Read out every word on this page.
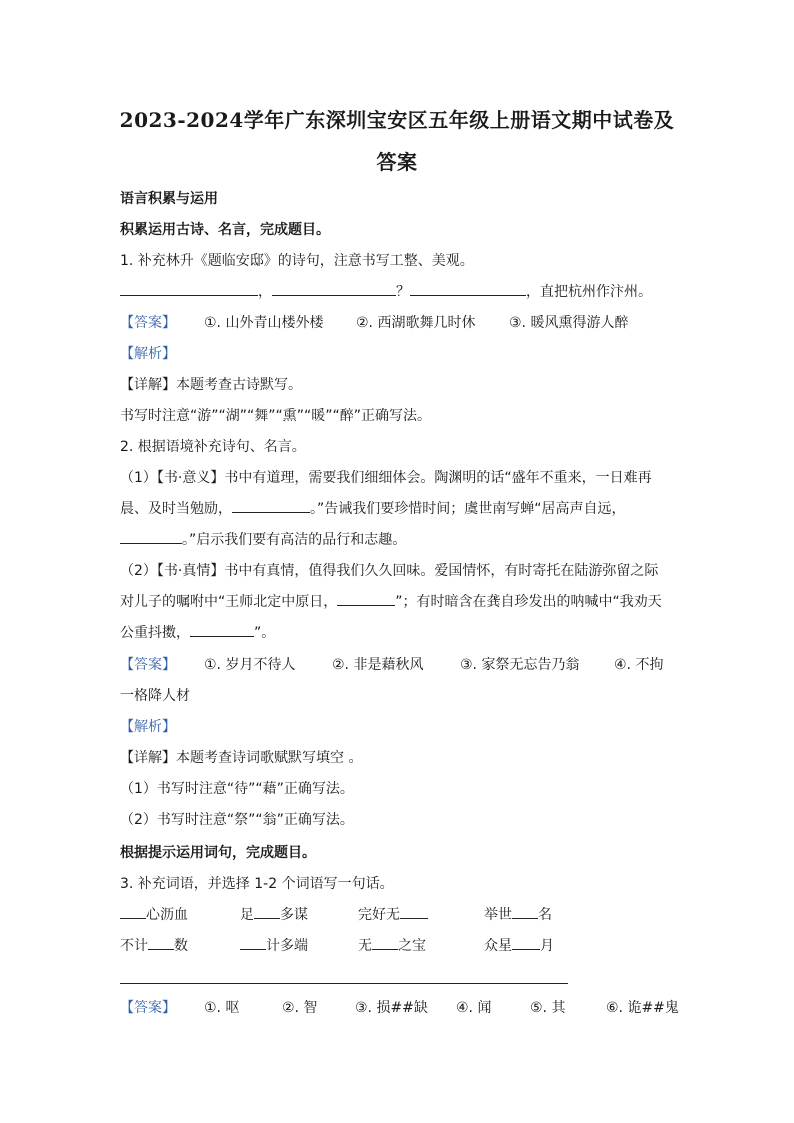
2023-2024学年广东深圳宝安区五年级上册语文期中试卷及
答案
语言积累与运用
积累运用古诗、名言，完成题目。
1. 补充林升《题临安邸》的诗句，注意书写工整、美观。
，	？	，直把杭州作汴州。
【答案】 ①. 山外青山楼外楼 ②. 西湖歌舞几时休 ③. 暖风熏得游人醉
【解析】
【详解】本题考查古诗默写。
书写时注意“游”“湖”“舞”“熏”“暖”“醉”正确写法。
2. 根据语境补充诗句、名言。
（1）【书·意义】书中有道理，需要我们细细体会。陶渊明的话“盛年不重来，一日难再
晨、及时当勉励，	。”告诫我们要珍惜时间；虞世南写蝉“居高声自远，
。”启示我们要有高洁的品行和志趣。
（2）【书·真情】书中有真情，值得我们久久回味。爱国情怀，有时寄托在陆游弥留之际
对儿子的嘱咐中“王师北定中原日，	”；有时暗含在龚自珍发出的呐喊中“我劝天
公重抖擞，	”。
【答案】 ①. 岁月不待人	②. 非是藉秋风	③. 家祭无忘告乃翁 ④. 不拘
一格降人材
【解析】
【详解】本题考查诗词歌赋默写填空 。
（1）书写时注意“待”“藉”正确写法。
（2）书写时注意“祭”“翁”正确写法。
根据提示运用词句，完成题目。
3. 补充词语，并选择 1-2 个词语写一句话。
心沥血	足 多谋	完好无	举世 名
不计 数	计多端	无 之宝	众星 月
【答案】 ①. 呕	②. 智	③. 损##缺 ④. 闻	⑤. 其	⑥. 诡##鬼
